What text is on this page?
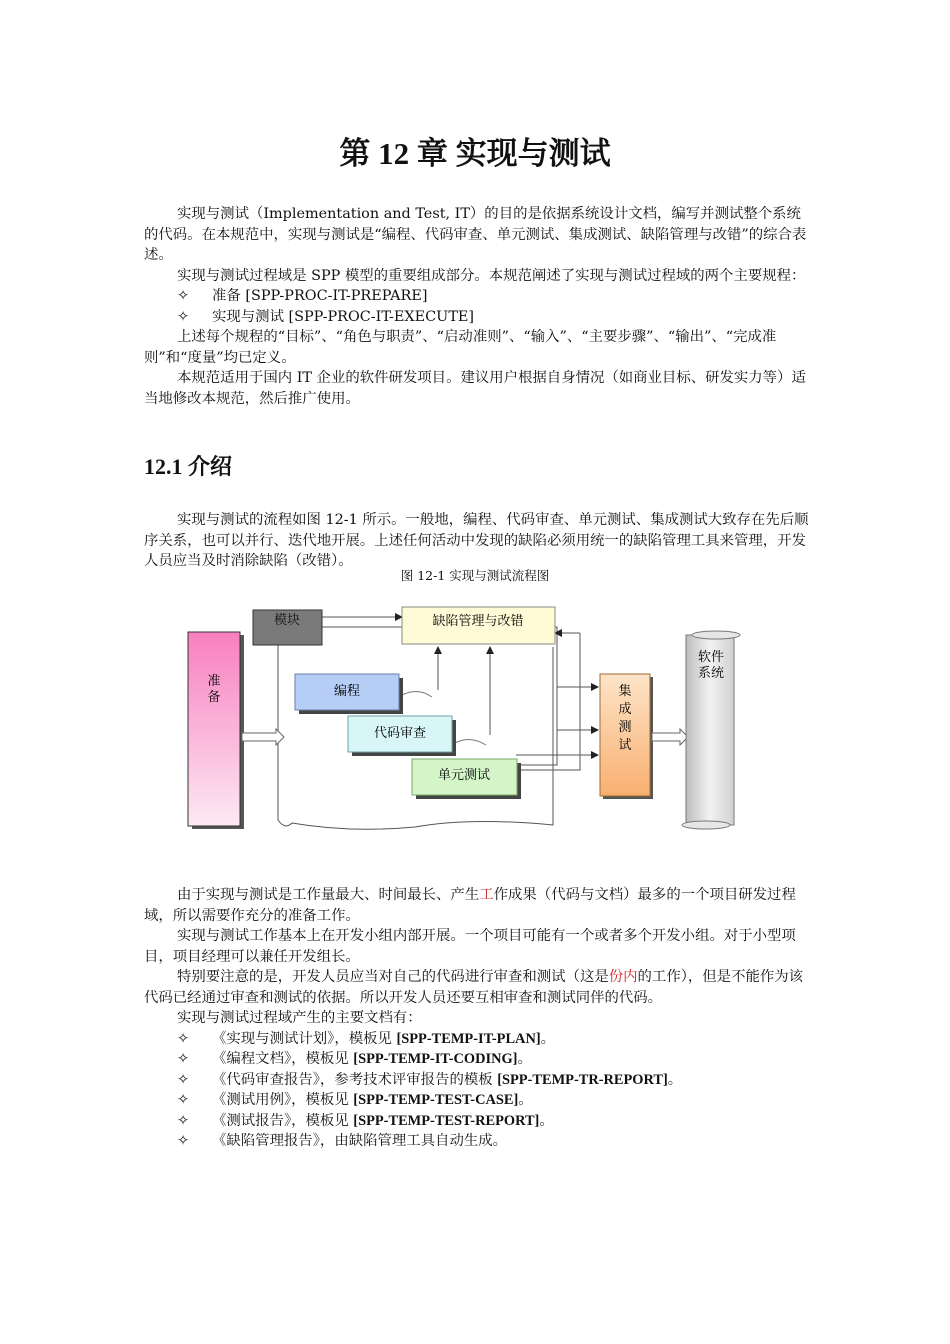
第 12 章 实现与测试

实现与测试（Implementation and Test, IT）的目的是依据系统设计文档，编写并测试整个系统的代码。在本规范中，实现与测试是“编程、代码审查、单元测试、集成测试、缺陷管理与改错”的综合表述。

实现与测试过程域是 SPP 模型的重要组成部分。本规范阐述了实现与测试过程域的两个主要规程：

✧ 准备 [SPP-PROC-IT-PREPARE]

✧ 实现与测试 [SPP-PROC-IT-EXECUTE]

上述每个规程的“目标”、“角色与职责”、“启动准则”、“输入”、“主要步骤”、“输出”、“完成准则”和“度量”均已定义。

本规范适用于国内 IT 企业的软件研发项目。建议用户根据自身情况（如商业目标、研发实力等）适当地修改本规范，然后推广使用。

12.1 介绍

实现与测试的流程如图 12-1 所示。一般地，编程、代码审查、单元测试、集成测试大致存在先后顺序关系，也可以并行、迭代地开展。上述任何活动中发现的缺陷必须用统一的缺陷管理工具来管理，开发人员应当及时消除缺陷（改错）。

图 12-1 实现与测试流程图
准
备
模块	缺陷管理与改错
编程
代码审查
单元测试
集
成
测
试
软件
系统

由于实现与测试是工作量最大、时间最长、产生工作成果（代码与文档）最多的一个项目研发过程域，所以需要作充分的准备工作。

实现与测试工作基本上在开发小组内部开展。一个项目可能有一个或者多个开发小组。对于小型项目，项目经理可以兼任开发组长。

特别要注意的是，开发人员应当对自己的代码进行审查和测试（这是份内的工作），但是不能作为该代码已经通过审查和测试的依据。所以开发人员还要互相审查和测试同伴的代码。

实现与测试过程域产生的主要文档有：

✧ 《实现与测试计划》，模板见 [SPP-TEMP-IT-PLAN]。

✧ 《编程文档》，模板见 [SPP-TEMP-IT-CODING]。

✧ 《代码审查报告》，参考技术评审报告的模板 [SPP-TEMP-TR-REPORT]。

✧ 《测试用例》，模板见 [SPP-TEMP-TEST-CASE]。

✧ 《测试报告》，模板见 [SPP-TEMP-TEST-REPORT]。

✧ 《缺陷管理报告》，由缺陷管理工具自动生成。
